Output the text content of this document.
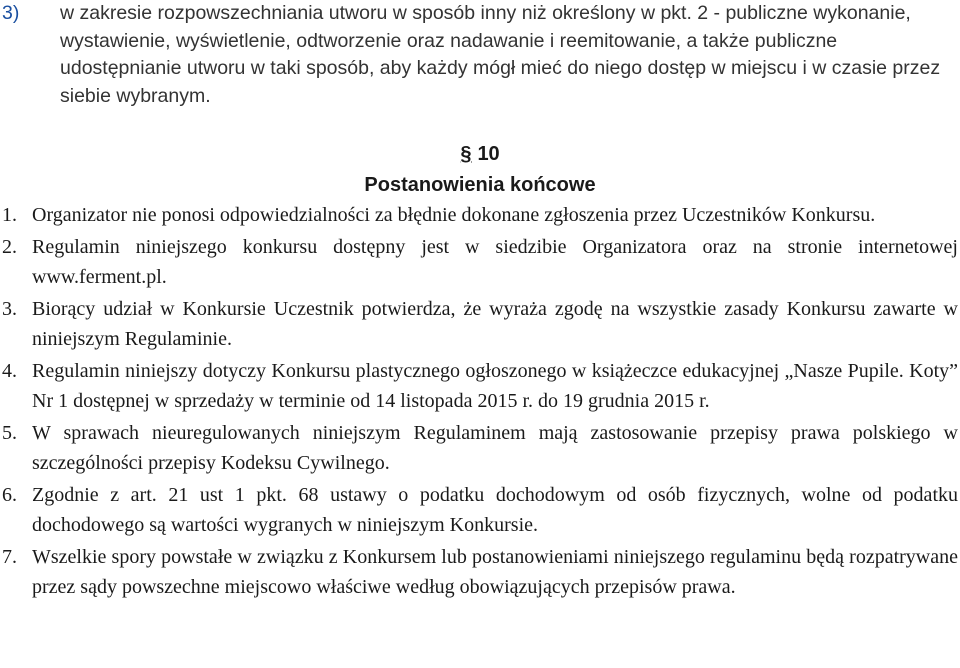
3) w zakresie rozpowszechniania utworu w sposób inny niż określony w pkt. 2 - publiczne wykonanie, wystawienie, wyświetlenie, odtworzenie oraz nadawanie i reemitowanie, a także publiczne udostępnianie utworu w taki sposób, aby każdy mógł mieć do niego dostęp w miejscu i w czasie przez siebie wybranym.
§ 10
Postanowienia końcowe
1. Organizator nie ponosi odpowiedzialności za błędnie dokonane zgłoszenia przez Uczestników Konkursu.
2. Regulamin niniejszego konkursu dostępny jest w siedzibie Organizatora oraz na stronie internetowej www.ferment.pl.
3. Biorący udział w Konkursie Uczestnik potwierdza, że wyraża zgodę na wszystkie zasady Konkursu zawarte w niniejszym Regulaminie.
4. Regulamin niniejszy dotyczy Konkursu plastycznego ogłoszonego w książeczce edukacyjnej „Nasze Pupile. Koty” Nr 1 dostępnej w sprzedaży w terminie od 14 listopada 2015 r. do 19 grudnia 2015 r.
5. W sprawach nieuregulowanych niniejszym Regulaminem mają zastosowanie przepisy prawa polskiego w szczególności przepisy Kodeksu Cywilnego.
6. Zgodnie z art. 21 ust 1 pkt. 68 ustawy o podatku dochodowym od osób fizycznych, wolne od podatku dochodowego są wartości wygranych w niniejszym Konkursie.
7. Wszelkie spory powstałe w związku z Konkursem lub postanowieniami niniejszego regulaminu będą rozpatrywane przez sądy powszechne miejscowo właściwe według obowiązujących przepisów prawa.
